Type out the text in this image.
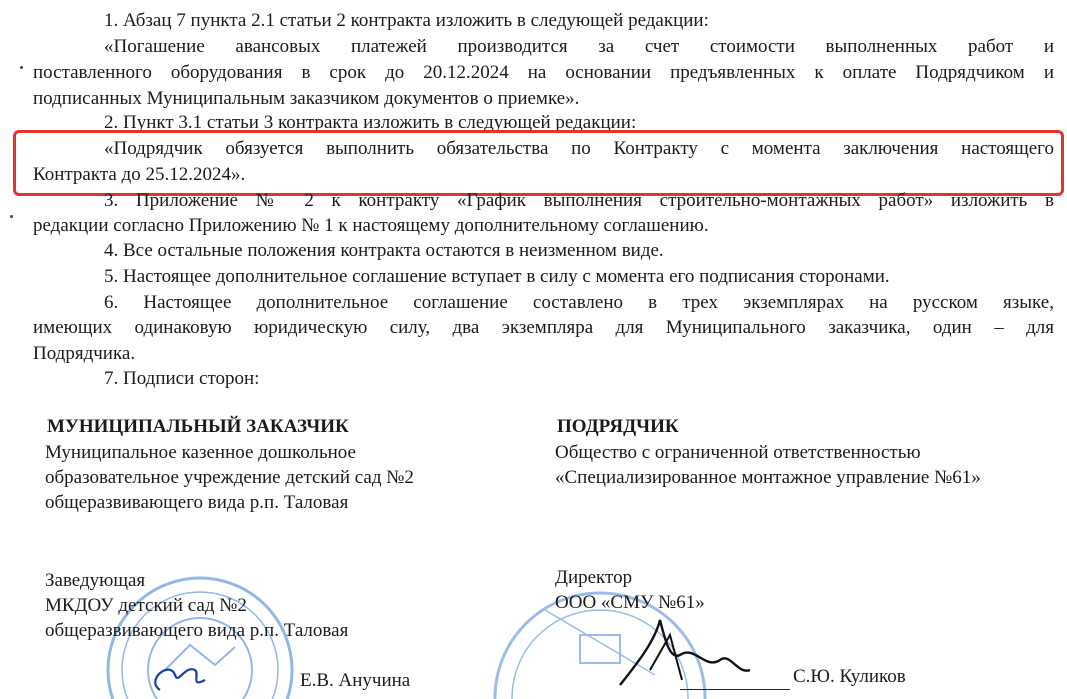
1. Абзац 7 пункта 2.1 статьи 2 контракта изложить в следующей редакции:
«Погашение авансовых платежей производится за счет стоимости выполненных работ и
поставленного оборудования в срок до 20.12.2024 на основании предъявленных к оплате Подрядчиком и
подписанных Муниципальным заказчиком документов о приемке».
2. Пункт 3.1 статьи 3 контракта изложить в следующей редакции:
«Подрядчик обязуется выполнить обязательства по Контракту с момента заключения настоящего
Контракта до 25.12.2024».
3. Приложение № 2 к контракту «График выполнения строительно-монтажных работ» изложить в
редакции согласно Приложению № 1 к настоящему дополнительному соглашению.
4. Все остальные положения контракта остаются в неизменном виде.
5. Настоящее дополнительное соглашение вступает в силу с момента его подписания сторонами.
6. Настоящее дополнительное соглашение составлено в трех экземплярах на русском языке,
имеющих одинаковую юридическую силу, два экземпляра для Муниципального заказчика, один – для
Подрядчика.
7. Подписи сторон:
МУНИЦИПАЛЬНЫЙ ЗАКАЗЧИК
Муниципальное казенное дошкольное
образовательное учреждение детский сад №2
общеразвивающего вида р.п. Таловая
ПОДРЯДЧИК
Общество с ограниченной ответственностью
«Специализированное монтажное управление №61»
Заведующая
МКДОУ детский сад №2
общеразвивающего вида р.п. Таловая
Е.В. Анучина
Директор
ООО «СМУ №61»
С.Ю. Куликов
